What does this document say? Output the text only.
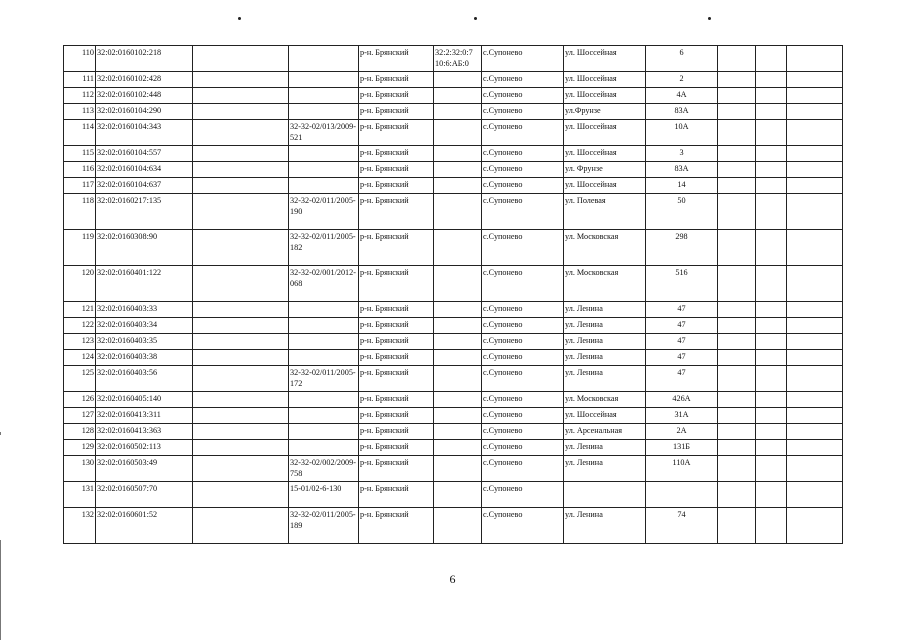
110	32:02:0160102:218			р-н. Брянский	32:2:32:0:7 10:6:АБ:0	с.Супонево	ул. Шоссейная	6			
111	32:02:0160102:428			р-н. Брянский		с.Супонево	ул. Шоссейная	2			
112	32:02:0160102:448			р-н. Брянский		с.Супонево	ул. Шоссейная	4А			
113	32:02:0160104:290			р-н. Брянский		с.Супонево	ул.Фрунзе	83А			
114	32:02:0160104:343		32-32-02/013/2009-521	р-н. Брянский		с.Супонево	ул. Шоссейная	10А			
115	32:02:0160104:557			р-н. Брянский		с.Супонево	ул. Шоссейная	3			
116	32:02:0160104:634			р-н. Брянский		с.Супонево	ул. Фрунзе	83А			
117	32:02:0160104:637			р-н. Брянский		с.Супонево	ул. Шоссейная	14			
118	32:02:0160217:135		32-32-02/011/2005-190	р-н. Брянский		с.Супонево	ул. Полевая	50			
119	32:02:0160308:90		32-32-02/011/2005-182	р-н. Брянский		с.Супонево	ул. Московская	298			
120	32:02:0160401:122		32-32-02/001/2012-068	р-н. Брянский		с.Супонево	ул. Московская	516			
121	32:02:0160403:33			р-н. Брянский		с.Супонево	ул. Ленина	47			
122	32:02:0160403:34			р-н. Брянский		с.Супонево	ул. Ленина	47			
123	32:02:0160403:35			р-н. Брянский		с.Супонево	ул. Ленина	47			
124	32:02:0160403:38			р-н. Брянский		с.Супонево	ул. Ленина	47			
125	32:02:0160403:56		32-32-02/011/2005-172	р-н. Брянский		с.Супонево	ул. Ленина	47			
126	32:02:0160405:140			р-н. Брянский		с.Супонево	ул. Московская	426А			
127	32:02:0160413:311			р-н. Брянский		с.Супонево	ул. Шоссейная	31А			
128	32:02:0160413:363			р-н. Брянский		с.Супонево	ул. Арсенальная	2А			
129	32:02:0160502:113			р-н. Брянский		с.Супонево	ул. Ленина	131Б			
130	32:02:0160503:49		32-32-02/002/2009-758	р-н. Брянский		с.Супонево	ул. Ленина	110А			
131	32:02:0160507:70		15-01/02-6-130	р-н. Брянский		с.Супонево					
132	32:02:0160601:52		32-32-02/011/2005-189	р-н. Брянский		с.Супонево	ул. Ленина	74			
6
